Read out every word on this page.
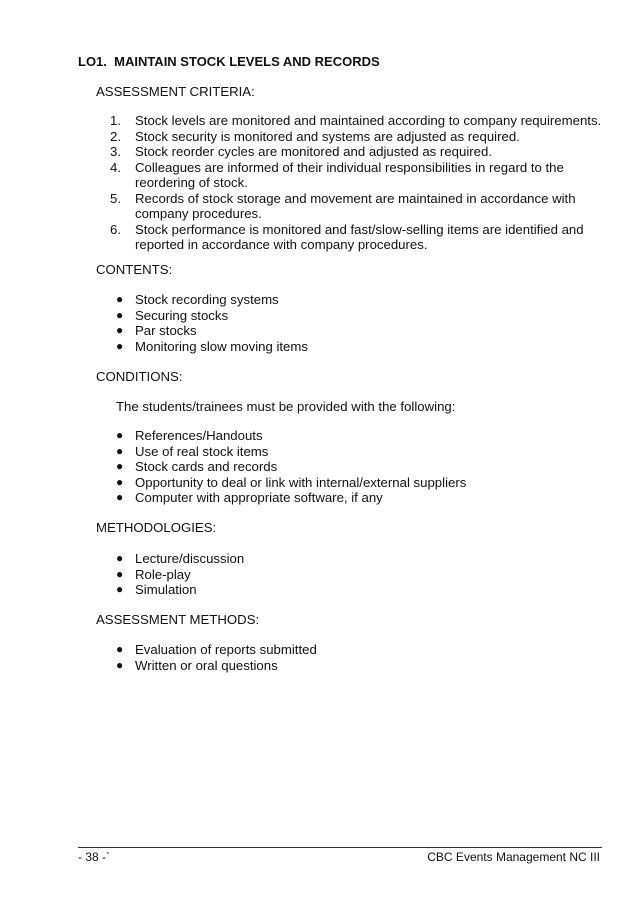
LO1.  MAINTAIN STOCK LEVELS AND RECORDS
ASSESSMENT CRITERIA:
1.	Stock levels are monitored and maintained according to company requirements.
2.	Stock security is monitored and systems are adjusted as required.
3.	Stock reorder cycles are monitored and adjusted as required.
4.	Colleagues are informed of their individual responsibilities in regard to the reordering of stock.
5.	Records of stock storage and movement are maintained in accordance with company procedures.
6.	Stock performance is monitored and fast/slow-selling items are identified and reported in accordance with company procedures.
CONTENTS:
● Stock recording systems
● Securing stocks
● Par stocks
● Monitoring slow moving items
CONDITIONS:
The students/trainees must be provided with the following:
● References/Handouts
● Use of real stock items
● Stock cards and records
● Opportunity to deal or link with internal/external suppliers
● Computer with appropriate software, if any
METHODOLOGIES:
● Lecture/discussion
● Role-play
● Simulation
ASSESSMENT METHODS:
● Evaluation of reports submitted
● Written or oral questions
- 38 -`	CBC Events Management NC III
